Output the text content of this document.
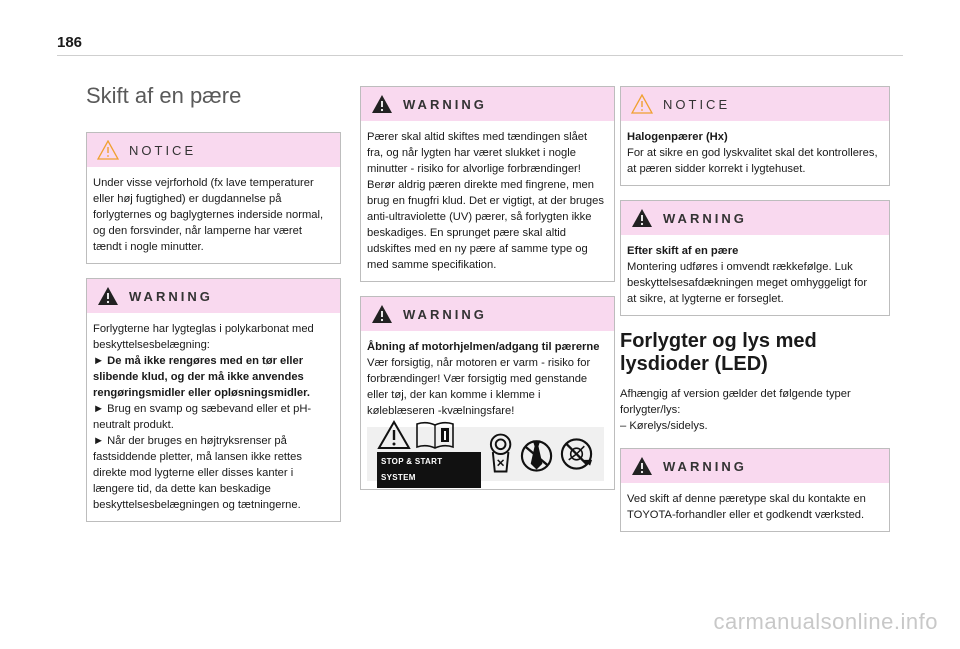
186
Skift af en pære
NOTICE

Under visse vejrforhold (fx lave temperaturer eller høj fugtighed) er dugdannelse på forlygternes og baglygternes inderside normal, og den forsvinder, når lamperne har været tændt i nogle minutter.

WARNING

Forlygterne har lygteglas i polykarbonat med beskyttelsesbelægning:

► De må ikke rengøres med en tør eller slibende klud, og der må ikke anvendes rengøringsmidler eller opløsningsmidler.

► Brug en svamp og sæbevand eller et pH-neutralt produkt.

► Når der bruges en højtryksrenser på fastsiddende pletter, må lansen ikke rettes direkte mod lygterne eller disses kanter i længere tid, da dette kan beskadige beskyttelsesbelægningen og tætningerne.

WARNING

Pærer skal altid skiftes med tændingen slået fra, og når lygten har været slukket i nogle minutter - risiko for alvorlige forbrændinger! Berør aldrig pæren direkte med fingrene, men brug en fnugfri klud. Det er vigtigt, at der bruges anti-ultraviolette (UV) pærer, så forlygten ikke beskadiges. En sprunget pære skal altid udskiftes med en ny pære af samme type og med samme specifikation.

WARNING

Åbning af motorhjelmen/adgang til pærerne

Vær forsigtig, når motoren er varm - risiko for forbrændinger! Vær forsigtig med genstande eller tøj, der kan komme i klemme i køleblæseren -kvælningsfare!

STOP & START SYSTEM
NOTICE

Halogenpærer (Hx)

For at sikre en god lyskvalitet skal det kontrolleres, at pæren sidder korrekt i lygtehuset.

WARNING

Efter skift af en pære

Montering udføres i omvendt rækkefølge. Luk beskyttelsesafdækningen meget omhyggeligt for at sikre, at lygterne er forseglet.

Forlygter og lys med lysdioder (LED)

Afhængig af version gælder det følgende typer forlygter/lys:
– Kørelys/sidelys.

WARNING

Ved skift af denne pæretype skal du kontakte en TOYOTA-forhandler eller et godkendt værksted.

carmanualsonline.info
